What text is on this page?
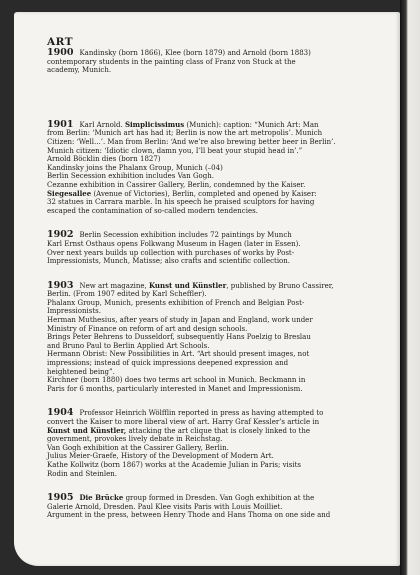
ART

1900 Kandinsky (born 1866), Klee (born 1879) and Arnold (born 1883)

contemporary students in the painting class of Franz von Stuck at the

academy, Munich.

1901 Karl Arnold. Simplicissimus (Munich): caption: “Munich Art: Man

from Berlin: ‘Munich art has had it; Berlin is now the art metropolis’. Munich

Citizen: ‘Well...’. Man from Berlin: ‘And we’re also brewing better beer in Berlin’.

Munich citizen: ‘Idiotic clown, damn you, I’ll beat your stupid head in’.”

Arnold Böcklin dies (born 1827)

Kandinsky joins the Phalanx Group, Munich (–04)

Berlin Secession exhibition includes Van Gogh.

Cezanne exhibition in Cassirer Gallery, Berlin, condemned by the Kaiser.

Siegesallee (Avenue of Victories), Berlin, completed and opened by Kaiser:

32 statues in Carrara marble. In his speech he praised sculptors for having

escaped the contamination of so-called modern tendencies.

1902 Berlin Secession exhibition includes 72 paintings by Munch

Karl Ernst Osthaus opens Folkwang Museum in Hagen (later in Essen).

Over next years builds up collection with purchases of works by Post-

Impressionists, Munch, Matisse; also crafts and scientific collection.

1903 New art magazine, Kunst und Künstler, published by Bruno Cassirer,

Berlin. (From 1907 edited by Karl Scheffler).

Phalanx Group, Munich, presents exhibition of French and Belgian Post-

Impressionists.

Herman Muthesius, after years of study in Japan and England, work under

Ministry of Finance on reform of art and design schools.

Brings Peter Behrens to Dusseldorf, subsequently Hans Poelzig to Breslau

and Bruno Paul to Berlin Applied Art Schools.

Hermann Obrist: New Possibilities in Art. “Art should present images, not

impressions; instead of quick impressions deepened expression and

heightened being”.

Kirchner (born 1880) does two terms art school in Munich. Beckmann in

Paris for 6 months, particularly interested in Manet and Impressionism.

1904 Professor Heinrich Wölfflin reported in press as having attempted to

convert the Kaiser to more liberal view of art. Harry Graf Kessler’s article in

Kunst und Künstler, attacking the art clique that is closely linked to the

government, provokes lively debate in Reichstag.

Van Gogh exhibition at the Cassirer Gallery, Berlin.

Julius Meier-Graefe, History of the Development of Modern Art.

Kathe Kollwitz (born 1867) works at the Academie Julian in Paris; visits

Rodin and Steinlen.

1905 Die Brücke group formed in Dresden. Van Gogh exhibition at the

Galerie Arnold, Dresden. Paul Klee visits Paris with Louis Moilliet.

Argument in the press, between Henry Thode and Hans Thoma on one side and
